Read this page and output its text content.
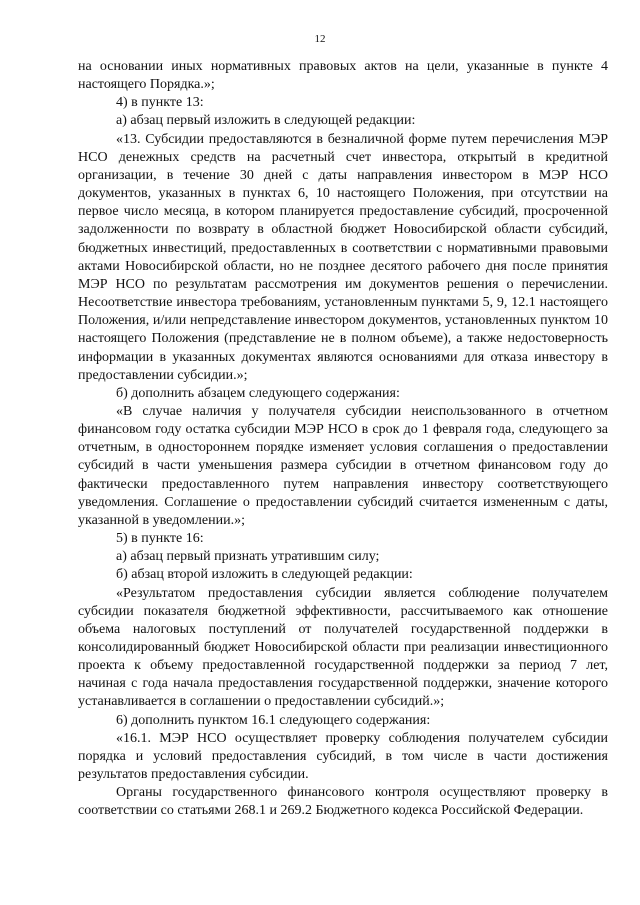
12

на основании иных нормативных правовых актов на цели, указанные в пункте 4 настоящего Порядка.»;

4) в пункте 13:

а) абзац первый изложить в следующей редакции:

«13. Субсидии предоставляются в безналичной форме путем перечисления МЭР НСО денежных средств на расчетный счет инвестора, открытый в кредитной организации, в течение 30 дней с даты направления инвестором в МЭР НСО документов, указанных в пунктах 6, 10 настоящего Положения, при отсутствии на первое число месяца, в котором планируется предоставление субсидий, просроченной задолженности по возврату в областной бюджет Новосибирской области субсидий, бюджетных инвестиций, предоставленных в соответствии с нормативными правовыми актами Новосибирской области, но не позднее десятого рабочего дня после принятия МЭР НСО по результатам рассмотрения им документов решения о перечислении. Несоответствие инвестора требованиям, установленным пунктами 5, 9, 12.1 настоящего Положения, и/или непредставление инвестором документов, установленных пунктом 10 настоящего Положения (представление не в полном объеме), а также недостоверность информации в указанных документах являются основаниями для отказа инвестору в предоставлении субсидии.»;

б) дополнить абзацем следующего содержания:

«В случае наличия у получателя субсидии неиспользованного в отчетном финансовом году остатка субсидии МЭР НСО в срок до 1 февраля года, следующего за отчетным, в одностороннем порядке изменяет условия соглашения о предоставлении субсидий в части уменьшения размера субсидии в отчетном финансовом году до фактически предоставленного путем направления инвестору соответствующего уведомления. Соглашение о предоставлении субсидий считается измененным с даты, указанной в уведомлении.»;

5) в пункте 16:

а) абзац первый признать утратившим силу;

б) абзац второй изложить в следующей редакции:

«Результатом предоставления субсидии является соблюдение получателем субсидии показателя бюджетной эффективности, рассчитываемого как отношение объема налоговых поступлений от получателей государственной поддержки в консолидированный бюджет Новосибирской области при реализации инвестиционного проекта к объему предоставленной государственной поддержки за период 7 лет, начиная с года начала предоставления государственной поддержки, значение которого устанавливается в соглашении о предоставлении субсидий.»;

6) дополнить пунктом 16.1 следующего содержания:

«16.1. МЭР НСО осуществляет проверку соблюдения получателем субсидии порядка и условий предоставления субсидий, в том числе в части достижения результатов предоставления субсидии.

Органы государственного финансового контроля осуществляют проверку в соответствии со статьями 268.1 и 269.2 Бюджетного кодекса Российской Федерации.
